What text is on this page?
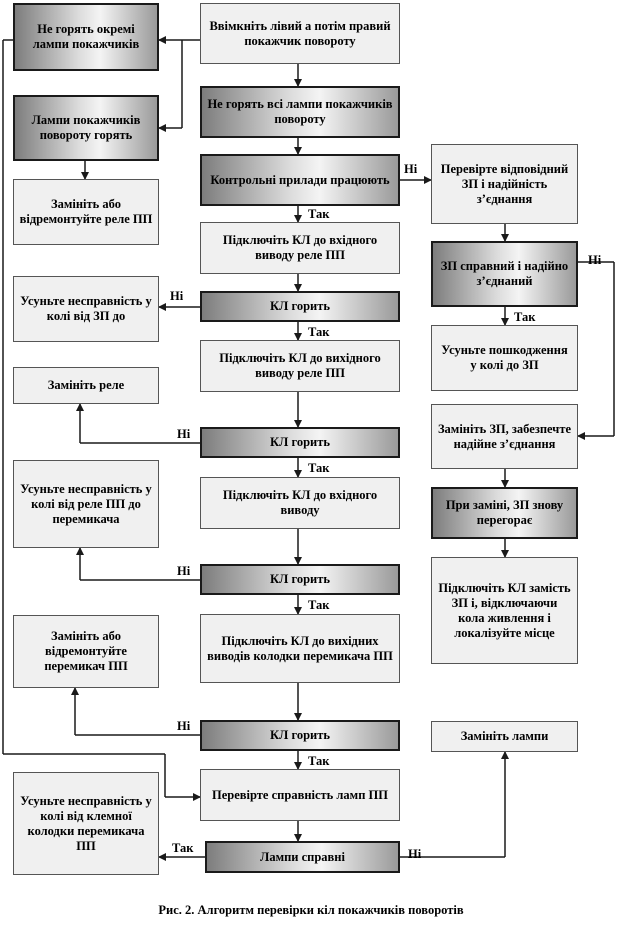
Ввімкніть лівий а потім правий покажчик повороту
Не горять окремі лампи покажчиків
Лампи покажчиків повороту горять
Замініть або відремонтуйте реле ПП
Не горять всі лампи покажчиків повороту
Контрольні прилади працюють
Перевірте відповідний ЗП і надійність з’єднання
Підключіть КЛ до вхідного виводу реле ПП
ЗП справний і надійно з’єднаний
Усуньте несправність у колі від ЗП до
КЛ горить
Усуньте пошкодження у колі до ЗП
Підключіть КЛ до вихідного виводу реле ПП
Замініть реле
Замініть ЗП, забезпечте надійне з’єднання
КЛ горить
Усуньте несправність у колі від реле ПП до перемикача
Підключіть КЛ до вхідного виводу	При заміні, ЗП знову перегорає
КЛ горить
Підключіть КЛ замість ЗП і, відключаючи кола живлення і локалізуйте місце
Замініть або відремонтуйте перемикач ПП
Підключіть КЛ до вихідних виводів колодки перемикача ПП
КЛ горить	Замініть лампи
Усуньте несправність у колі від клемної колодки перемикача ПП
Перевірте справність ламп ПП
Лампи справні
Ні
Так
Ні
Так
Ні
Так
Ні
Так
Ні
Так
Ні
Так
Так	Ні
Рис. 2. Алгоритм перевірки кіл покажчиків поворотів
